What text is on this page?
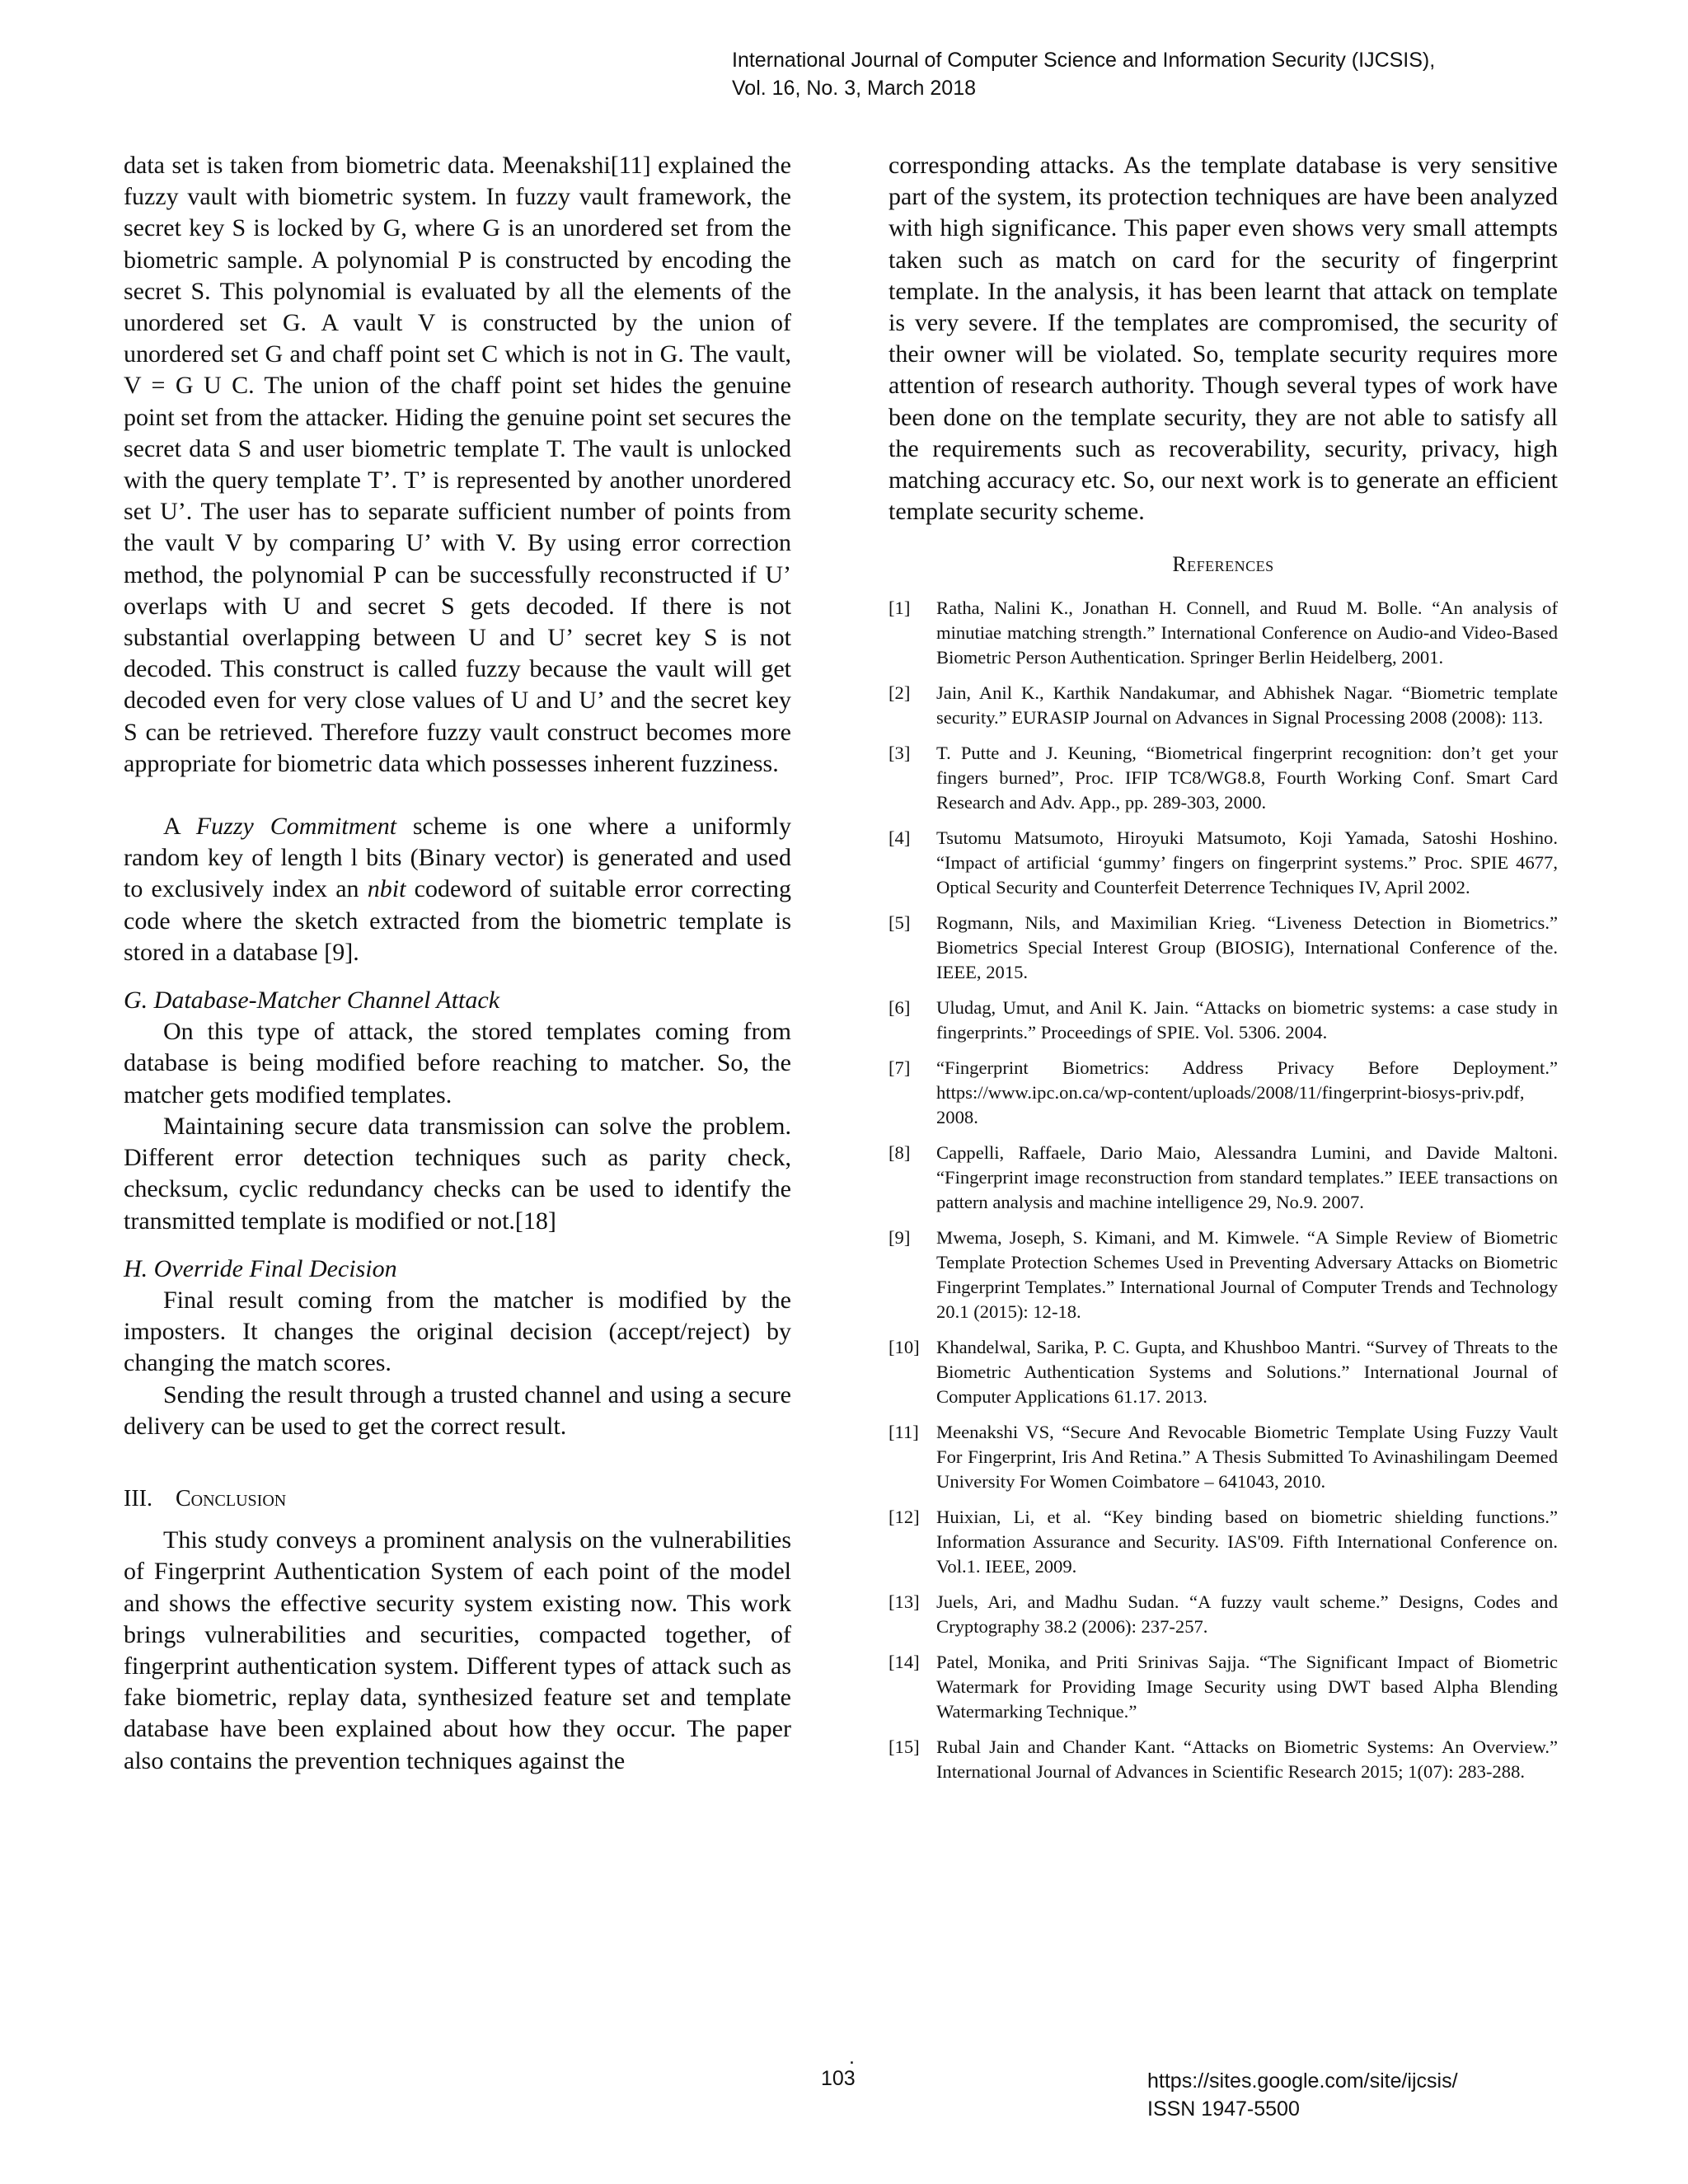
International Journal of Computer Science and Information Security (IJCSIS),
Vol. 16, No. 3, March 2018

data set is taken from biometric data. Meenakshi[11] explained the fuzzy vault with biometric system. In fuzzy vault framework, the secret key S is locked by G, where G is an unordered set from the biometric sample. A polynomial P is constructed by encoding the secret S. This polynomial is evaluated by all the elements of the unordered set G. A vault V is constructed by the union of unordered set G and chaff point set C which is not in G. The vault, V = G U C. The union of the chaff point set hides the genuine point set from the attacker. Hiding the genuine point set secures the secret data S and user biometric template T. The vault is unlocked with the query template T’. T’ is represented by another unordered set U’. The user has to separate sufficient number of points from the vault V by comparing U’ with V. By using error correction method, the polynomial P can be successfully reconstructed if U’ overlaps with U and secret S gets decoded. If there is not substantial overlapping between U and U’ secret key S is not decoded. This construct is called fuzzy because the vault will get decoded even for very close values of U and U’ and the secret key S can be retrieved. Therefore fuzzy vault construct becomes more appropriate for biometric data which possesses inherent fuzziness.

A Fuzzy Commitment scheme is one where a uniformly random key of length l bits (Binary vector) is generated and used to exclusively index an nbit codeword of suitable error correcting code where the sketch extracted from the biometric template is stored in a database [9].

G. Database-Matcher Channel Attack

On this type of attack, the stored templates coming from database is being modified before reaching to matcher. So, the matcher gets modified templates.

Maintaining secure data transmission can solve the problem. Different error detection techniques such as parity check, checksum, cyclic redundancy checks can be used to identify the transmitted template is modified or not.[18]

H. Override Final Decision

Final result coming from the matcher is modified by the imposters. It changes the original decision (accept/reject) by changing the match scores.

Sending the result through a trusted channel and using a secure delivery can be used to get the correct result.

III. Conclusion

This study conveys a prominent analysis on the vulnerabilities of Fingerprint Authentication System of each point of the model and shows the effective security system existing now. This work brings vulnerabilities and securities, compacted together, of fingerprint authentication system. Different types of attack such as fake biometric, replay data, synthesized feature set and template database have been explained about how they occur. The paper also contains the prevention techniques against the

corresponding attacks. As the template database is very sensitive part of the system, its protection techniques are have been analyzed with high significance. This paper even shows very small attempts taken such as match on card for the security of fingerprint template. In the analysis, it has been learnt that attack on template is very severe. If the templates are compromised, the security of their owner will be violated. So, template security requires more attention of research authority. Though several types of work have been done on the template security, they are not able to satisfy all the requirements such as recoverability, security, privacy, high matching accuracy etc. So, our next work is to generate an efficient template security scheme.

References
[1]	Ratha, Nalini K., Jonathan H. Connell, and Ruud M. Bolle. “An analysis of minutiae matching strength.” International Conference on Audio-and Video-Based Biometric Person Authentication. Springer Berlin Heidelberg, 2001.
[2]	Jain, Anil K., Karthik Nandakumar, and Abhishek Nagar. “Biometric template security.” EURASIP Journal on Advances in Signal Processing 2008 (2008): 113.
[3]	T. Putte and J. Keuning, “Biometrical fingerprint recognition: don’t get your fingers burned”, Proc. IFIP TC8/WG8.8, Fourth Working Conf. Smart Card Research and Adv. App., pp. 289-303, 2000.
[4]	Tsutomu Matsumoto, Hiroyuki Matsumoto, Koji Yamada, Satoshi Hoshino. “Impact of artificial ‘gummy’ fingers on fingerprint systems.” Proc. SPIE 4677, Optical Security and Counterfeit Deterrence Techniques IV, April 2002.
[5]	Rogmann, Nils, and Maximilian Krieg. “Liveness Detection in Biometrics.” Biometrics Special Interest Group (BIOSIG), International Conference of the. IEEE, 2015.
[6]	Uludag, Umut, and Anil K. Jain. “Attacks on biometric systems: a case study in fingerprints.” Proceedings of SPIE. Vol. 5306. 2004.
[7]	“Fingerprint Biometrics: Address Privacy Before Deployment.” https://www.ipc.on.ca/wp-content/uploads/2008/11/fingerprint-biosys-priv.pdf, 2008.
[8]	Cappelli, Raffaele, Dario Maio, Alessandra Lumini, and Davide Maltoni. “Fingerprint image reconstruction from standard templates.” IEEE transactions on pattern analysis and machine intelligence 29, No.9. 2007.
[9]	Mwema, Joseph, S. Kimani, and M. Kimwele. “A Simple Review of Biometric Template Protection Schemes Used in Preventing Adversary Attacks on Biometric Fingerprint Templates.” International Journal of Computer Trends and Technology 20.1 (2015): 12-18.
[10] Khandelwal, Sarika, P. C. Gupta, and Khushboo Mantri. “Survey of Threats to the Biometric Authentication Systems and Solutions.” International Journal of Computer Applications 61.17. 2013.
[11] Meenakshi VS, “Secure And Revocable Biometric Template Using Fuzzy Vault For Fingerprint, Iris And Retina.” A Thesis Submitted To Avinashilingam Deemed University For Women Coimbatore – 641043, 2010.
[12] Huixian, Li, et al. “Key binding based on biometric shielding functions.” Information Assurance and Security. IAS'09. Fifth International Conference on. Vol.1. IEEE, 2009.
[13] Juels, Ari, and Madhu Sudan. “A fuzzy vault scheme.” Designs, Codes and Cryptography 38.2 (2006): 237-257.
[14] Patel, Monika, and Priti Srinivas Sajja. “The Significant Impact of Biometric Watermark for Providing Image Security using DWT based Alpha Blending Watermarking Technique.”
[15] Rubal Jain and Chander Kant. “Attacks on Biometric Systems: An Overview.” International Journal of Advances in Scientific Research 2015; 1(07): 283-288.
.
103	https://sites.google.com/site/ijcsis/
ISSN 1947-5500
